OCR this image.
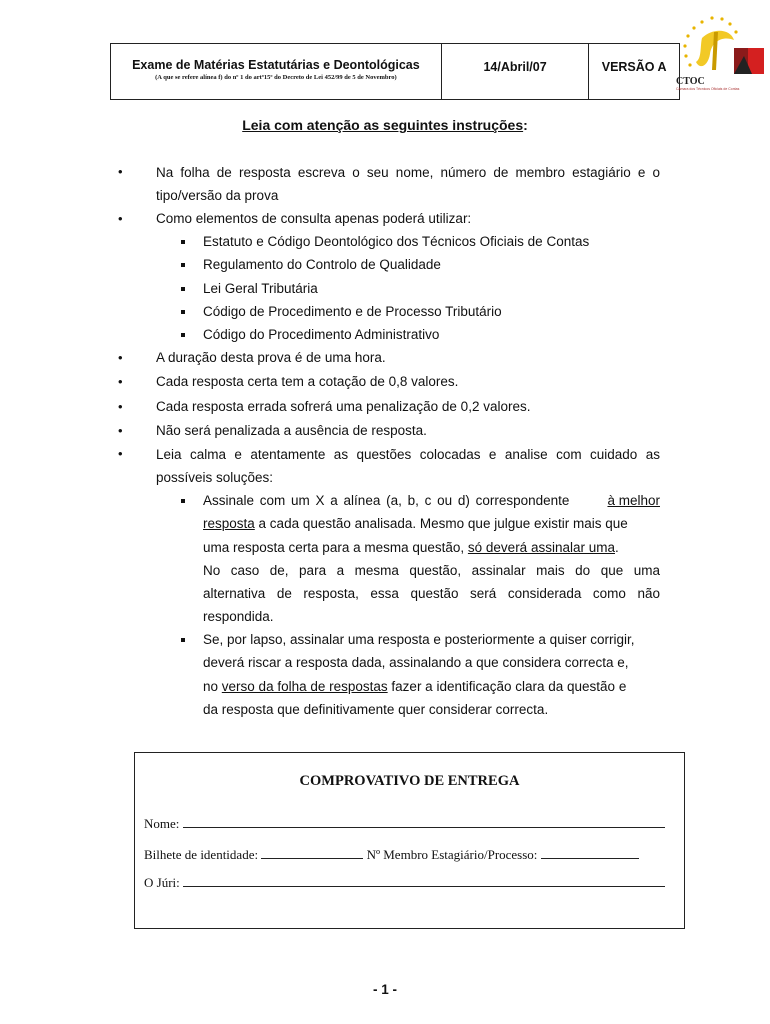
Exame de Matérias Estatutárias e Deontológicas
(A que se refere alínea f) do nº 1 do artº15º do Decreto de Lei 452/99 de 5 de Novembro)
14/Abril/07	VERSÃO A
CTOC
Câmara dos Técnicos Oficiais de Contas
Leia com atenção as seguintes instruções:
• Na folha de resposta escreva o seu nome, número de membro estagiário e o
tipo/versão da prova
• Como elementos de consulta apenas poderá utilizar:
Estatuto e Código Deontológico dos Técnicos Oficiais de Contas
Regulamento do Controlo de Qualidade
Lei Geral Tributária
Código de Procedimento e de Processo Tributário
Código do Procedimento Administrativo
• A duração desta prova é de uma hora.
• Cada resposta certa tem a cotação de 0,8 valores.
• Cada resposta errada sofrerá uma penalização de 0,2 valores.
• Não será penalizada a ausência de resposta.
• Leia calma e atentamente as questões colocadas e analise com cuidado as
possíveis soluções:
Assinale com um X a alínea (a, b, c ou d) correspondente	à melhor
resposta a cada questão analisada. Mesmo que julgue existir mais que
uma resposta certa para a mesma questão, só deverá assinalar uma.
No caso de, para a mesma questão, assinalar mais do que uma
alternativa de resposta, essa questão será considerada como não
respondida.
Se, por lapso, assinalar uma resposta e posteriormente a quiser corrigir,
deverá riscar a resposta dada, assinalando a que considera correcta e,
no verso da folha de respostas fazer a identificação clara da questão e
da resposta que definitivamente quer considerar correcta.
COMPROVATIVO DE ENTREGA
Nome:
Bilhete de identidade:	Nº Membro Estagiário/Processo:
O Júri:
- 1 -
